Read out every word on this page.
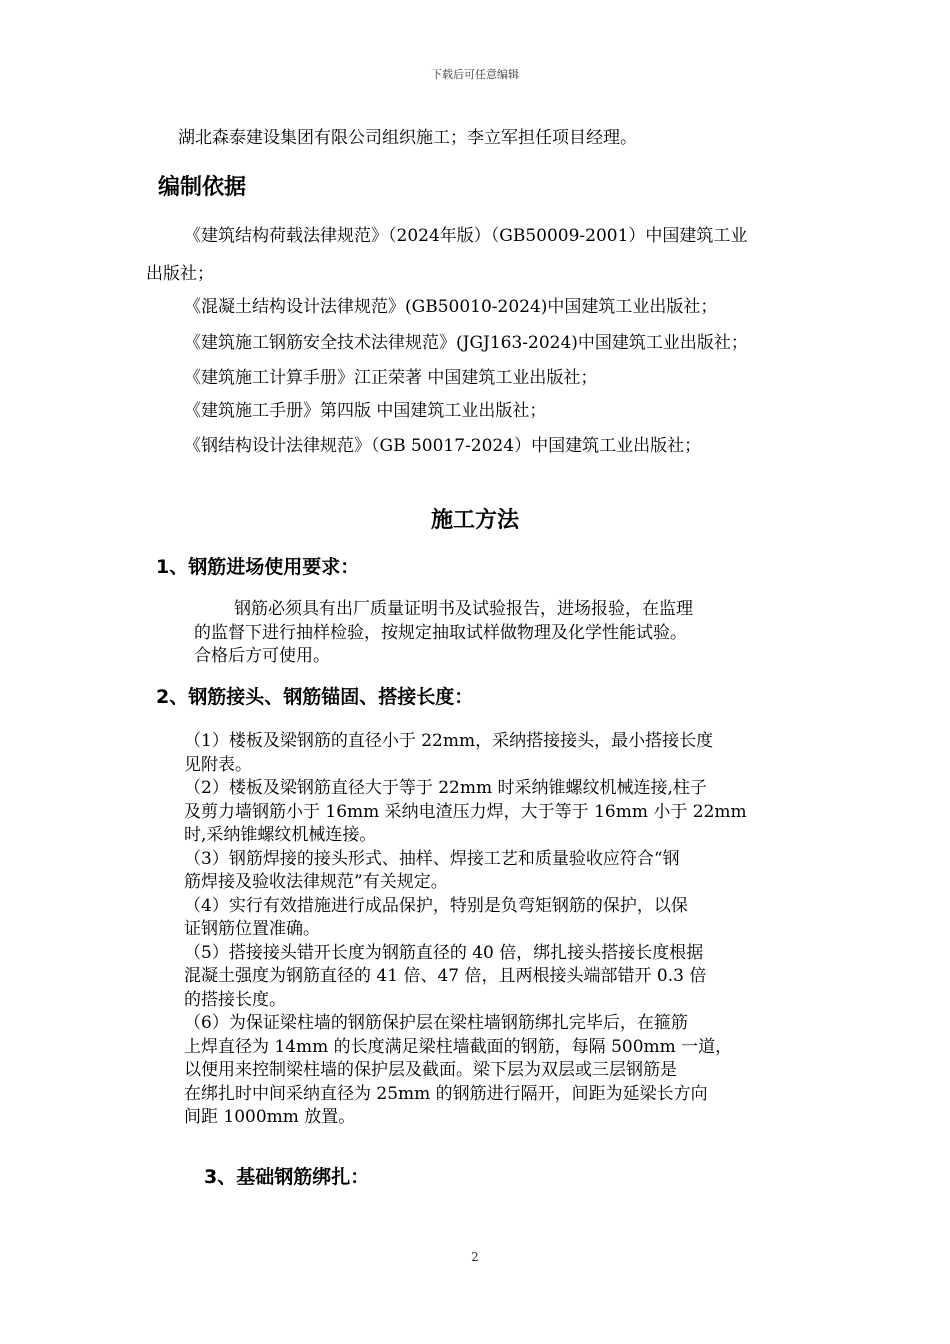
下载后可任意编辑
湖北森泰建设集团有限公司组织施工；李立军担任项目经理。
编制依据
《建筑结构荷载法律规范》（2024年版）（GB50009-2001）中国建筑工业
出版社；
《混凝土结构设计法律规范》(GB50010-2024)中国建筑工业出版社；
《建筑施工钢筋安全技术法律规范》(JGJ163-2024)中国建筑工业出版社；
《建筑施工计算手册》江正荣著 中国建筑工业出版社；
《建筑施工手册》第四版 中国建筑工业出版社；
《钢结构设计法律规范》（GB 50017-2024）中国建筑工业出版社；
施工方法
1、钢筋进场使用要求：

钢筋必须具有出厂质量证明书及试验报告，进场报验，在监理

的监督下进行抽样检验，按规定抽取试样做物理及化学性能试验。

合格后方可使用。

2、钢筋接头、钢筋锚固、搭接长度：

（1）楼板及梁钢筋的直径小于 22mm，采纳搭接接头，最小搭接长度

见附表。

（2）楼板及梁钢筋直径大于等于 22mm 时采纳锥螺纹机械连接,柱子

及剪力墙钢筋小于 16mm 采纳电渣压力焊，大于等于 16mm 小于 22mm

时,采纳锥螺纹机械连接。

（3）钢筋焊接的接头形式、抽样、焊接工艺和质量验收应符合“钢

筋焊接及验收法律规范”有关规定。

（4）实行有效措施进行成品保护，特别是负弯矩钢筋的保护，以保

证钢筋位置准确。

（5）搭接接头错开长度为钢筋直径的 40 倍，绑扎接头搭接长度根据

混凝土强度为钢筋直径的 41 倍、47 倍，且两根接头端部错开 0.3 倍

的搭接长度。

（6）为保证梁柱墙的钢筋保护层在梁柱墙钢筋绑扎完毕后，在箍筋

上焊直径为 14mm 的长度满足梁柱墙截面的钢筋，每隔 500mm 一道，

以便用来控制梁柱墙的保护层及截面。梁下层为双层或三层钢筋是

在绑扎时中间采纳直径为 25mm 的钢筋进行隔开，间距为延梁长方向

间距 1000mm 放置。

3、基础钢筋绑扎：
2
